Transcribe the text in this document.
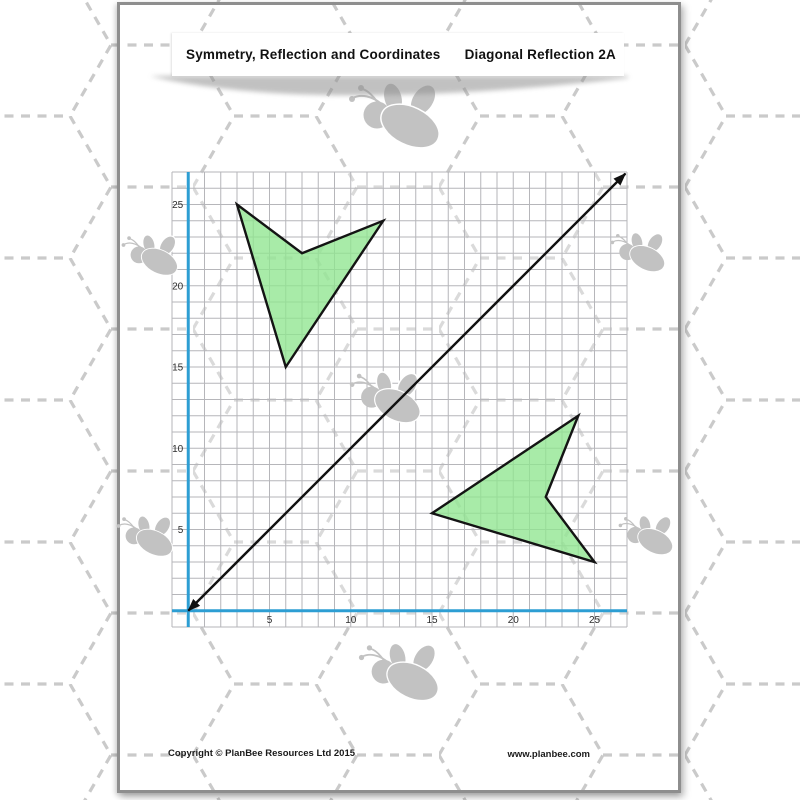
Symmetry, Reflection and Coordinates Diagonal Reflection 2A
5	10	15	20	25
5
10
15
20
25
Copyright © PlanBee Resources Ltd 2015	www.planbee.com
